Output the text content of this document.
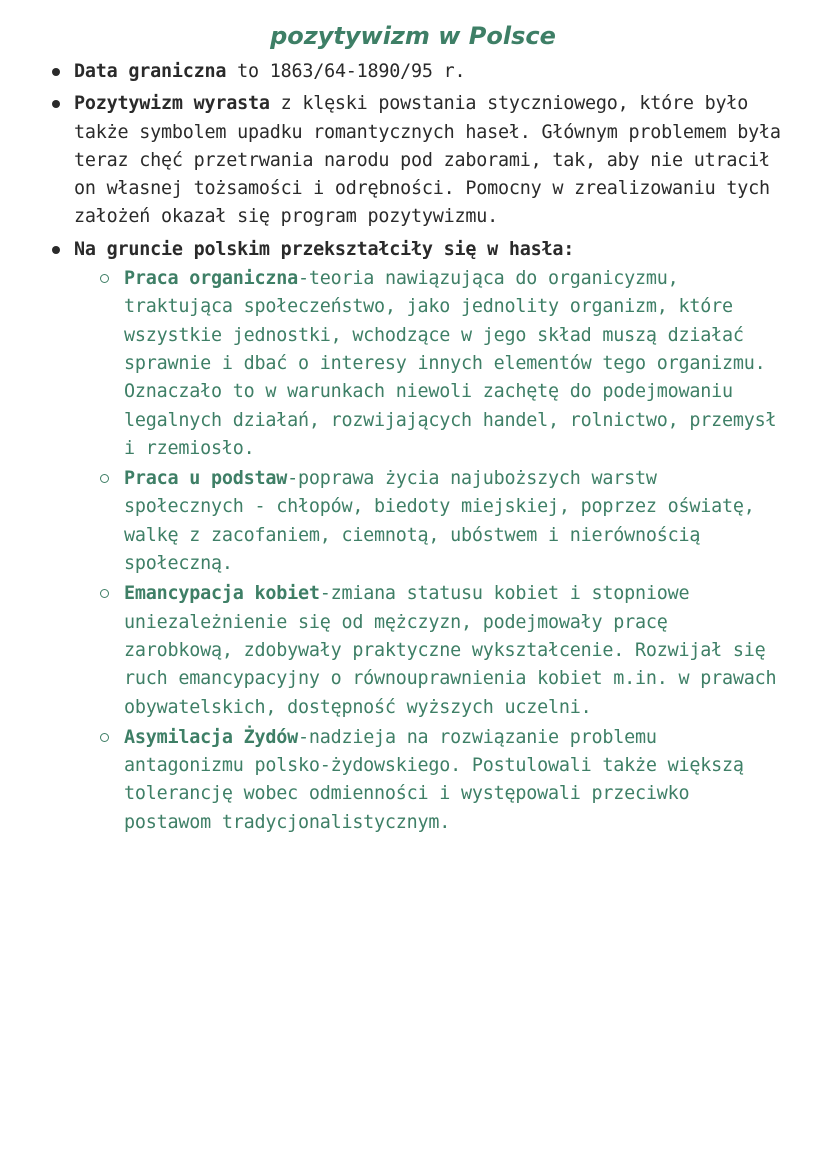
pozytywizm w Polsce
Data graniczna to 1863/64-1890/95 r.
Pozytywizm wyrasta z klęski powstania styczniowego, które było także symbolem upadku romantycznych haseł. Głównym problemem była teraz chęć przetrwania narodu pod zaborami, tak, aby nie utracił on własnej tożsamości i odrębności. Pomocny w zrealizowaniu tych założeń okazał się program pozytywizmu.
Na gruncie polskim przekształciły się w hasła:
Praca organiczna-teoria nawiązująca do organicyzmu, traktująca społeczeństwo, jako jednolity organizm, które wszystkie jednostki, wchodzące w jego skład muszą działać sprawnie i dbać o interesy innych elementów tego organizmu. Oznaczało to w warunkach niewoli zachętę do podejmowaniu legalnych działań, rozwijających handel, rolnictwo, przemysł i rzemiosło.
Praca u podstaw-poprawa życia najuboższych warstw społecznych - chłopów, biedoty miejskiej, poprzez oświatę, walkę z zacofaniem, ciemnotą, ubóstwem i nierównością społeczną.
Emancypacja kobiet-zmiana statusu kobiet i stopniowe uniezależnienie się od mężczyzn, podejmowały pracę zarobkową, zdobywały praktyczne wykształcenie. Rozwijał się ruch emancypacyjny o równouprawnienia kobiet m.in. w prawach obywatelskich, dostępność wyższych uczelni.
Asymilacja Żydów-nadzieja na rozwiązanie problemu antagonizmu polsko-żydowskiego. Postulowali także większą tolerancję wobec odmienności i występowali przeciwko postawom tradycjonalistycznym.
